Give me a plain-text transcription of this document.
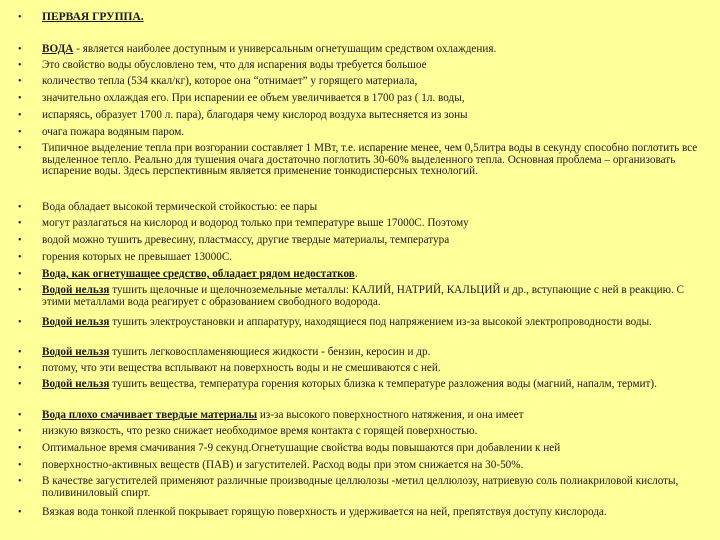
• ПЕРВАЯ ГРУППА.
• ВОДА - является наиболее доступным и универсальным огнетушащим средством охлаждения.
• Это свойство воды обусловлено тем, что для испарения воды требуется большое
• количество тепла (534 ккал/кг), которое она “отнимает” у горящего материала,
• значительно охлаждая его. При испарении ее объем увеличивается в 1700 раз ( 1л. воды,
• испаряясь, образует 1700 л. пара), благодаря чему кислород воздуха вытесняется из зоны
• очага пожара водяным паром.
• Типичное выделение тепла при возгорании составляет 1 МВт, т.е. испарение менее, чем 0,5литра воды в секунду способно поглотить все выделенное тепло. Реально для тушения очага достаточно поглотить 30-60% выделенного тепла. Основная проблема – организовать испарение воды. Здесь перспективным является применение тонкодисперсных технологий.
• Вода обладает высокой термической стойкостью: ее пары
• могут разлагаться на кислород и водород только при температуре выше 17000С. Поэтому
• водой можно тушить древесину, пластмассу, другие твердые материалы, температура
• горения которых не превышает 13000С.
• Вода, как огнетушащее средство, обладает рядом недостатков.
• Водой нельзя тушить щелочные и щелочноземельные металлы: КАЛИЙ, НАТРИЙ, КАЛЬЦИЙ и др., вступающие с ней в реакцию. С этими металлами вода реагирует с образованием свободного водорода.
• Водой нельзя тушить электроустановки и аппаратуру, находящиеся под напряжением из-за высокой электропроводности воды.
• Водой нельзя тушить легковоспламеняющиеся жидкости - бензин, керосин и др.
• потому, что эти вещества всплывают на поверхность воды и не смешиваются с ней.
• Водой нельзя тушить вещества, температура горения которых близка к температуре разложения воды (магний, напалм, термит).
• Вода плохо смачивает твердые материалы из-за высокого поверхностного натяжения, и она имеет
• низкую вязкость, что резко снижает необходимое время контакта с горящей поверхностью.
• Оптимальное время смачивания 7-9 секунд.Огнетушащие свойства воды повышаются при добавлении к ней
• поверхностно-активных веществ (ПАВ) и загустителей. Расход воды при этом снижается на 30-50%.
• В качестве загустителей применяют различные производные целлюлозы -метил целлюлозу, натриевую соль полиакриловой кислоты, поливиниловый спирт.
• Вязкая вода тонкой пленкой покрывает горящую поверхность и удерживается на ней, препятствуя доступу кислорода.
